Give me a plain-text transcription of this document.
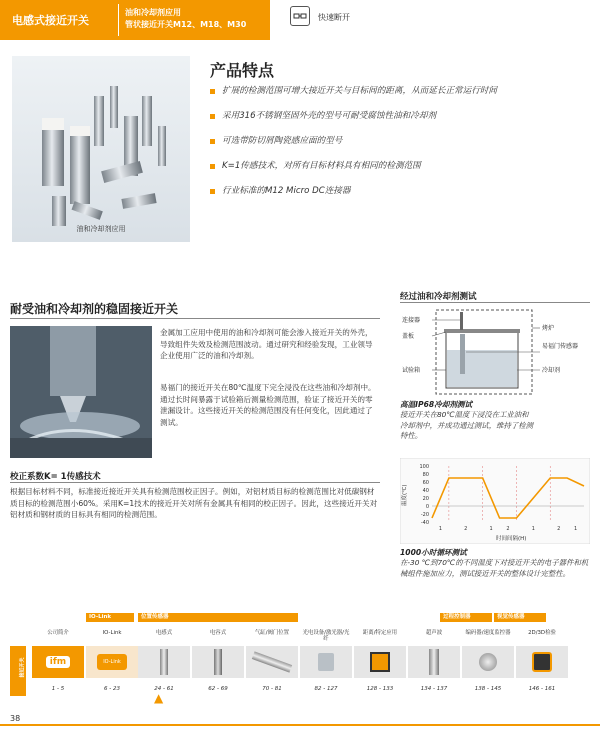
电感式接近开关
油和冷却剂应用
管状接近开关M12、M18、M30
快速断开
油和冷却剂应用
产品特点
扩展的检测范围可增大接近开关与目标间的距离，从而延长正常运行时间
采用316不锈钢坚固外壳的型号可耐受腐蚀性油和冷却剂
可选带防切屑陶瓷感应面的型号
K=1传感技术，对所有目标材料具有相同的检测范围
行业标准的M12 Micro DC连接器
耐受油和冷却剂的稳固接近开关
金属加工应用中使用的油和冷却剂可能会渗入接近开关的外壳，导致组件失效及检测范围波动。通过研究和经验发现，工业领导企业使用广泛的油和冷却剂。
易福门的接近开关在80℃温度下完全浸没在这些油和冷却剂中。通过长时间暴露于试验箱后测量检测范围，验证了接近开关的零泄漏设计。这些接近开关的检测范围没有任何变化，因此通过了测试。
校正系数K= 1传感技术
根据目标材料不同，标准接近接近开关具有检测范围校正因子。例如，对铝材质目标的检测范围比对低碳钢材质目标的检测范围小60%。采用K=1技术的接近开关对所有金属具有相同的校正因子。因此，这些接近开关对铝材质和钢材质的目标具有相同的检测范围。
经过油和冷却剂测试
连接器
盖板
试验箱
烤炉
易福门传感器
冷却剂
高温IP68冷却剂测试
接近开关在80℃温度下浸没在工业油和冷却剂中，并成功通过测试，维持了检测特性。
100
80
60
40
20
0
-20
-40
1	2	1	2	1	2	1
温度(℃)
时间间隔(H)
1000小时循环测试
在-30 ℃到70℃的不同温度下对接近开关的电子器件和机械组件施加应力，测试接近开关的整体设计完整性。
IO-Link	位置传感器	过程控制器	视觉传感器
接近开关
公司简介
ifm
1 - 5
IO-Link
IO-Link
6 - 23
电感式
24 - 61
电容式
62 - 69
气缸/阀门位置
70 - 81
光电设备/激光器/光纤
82 - 127
距离/特定应用
128 - 133
超声波
134 - 137
编码器/速度监控器
138 - 145
2D/3D检验
146 - 161
▲
38
